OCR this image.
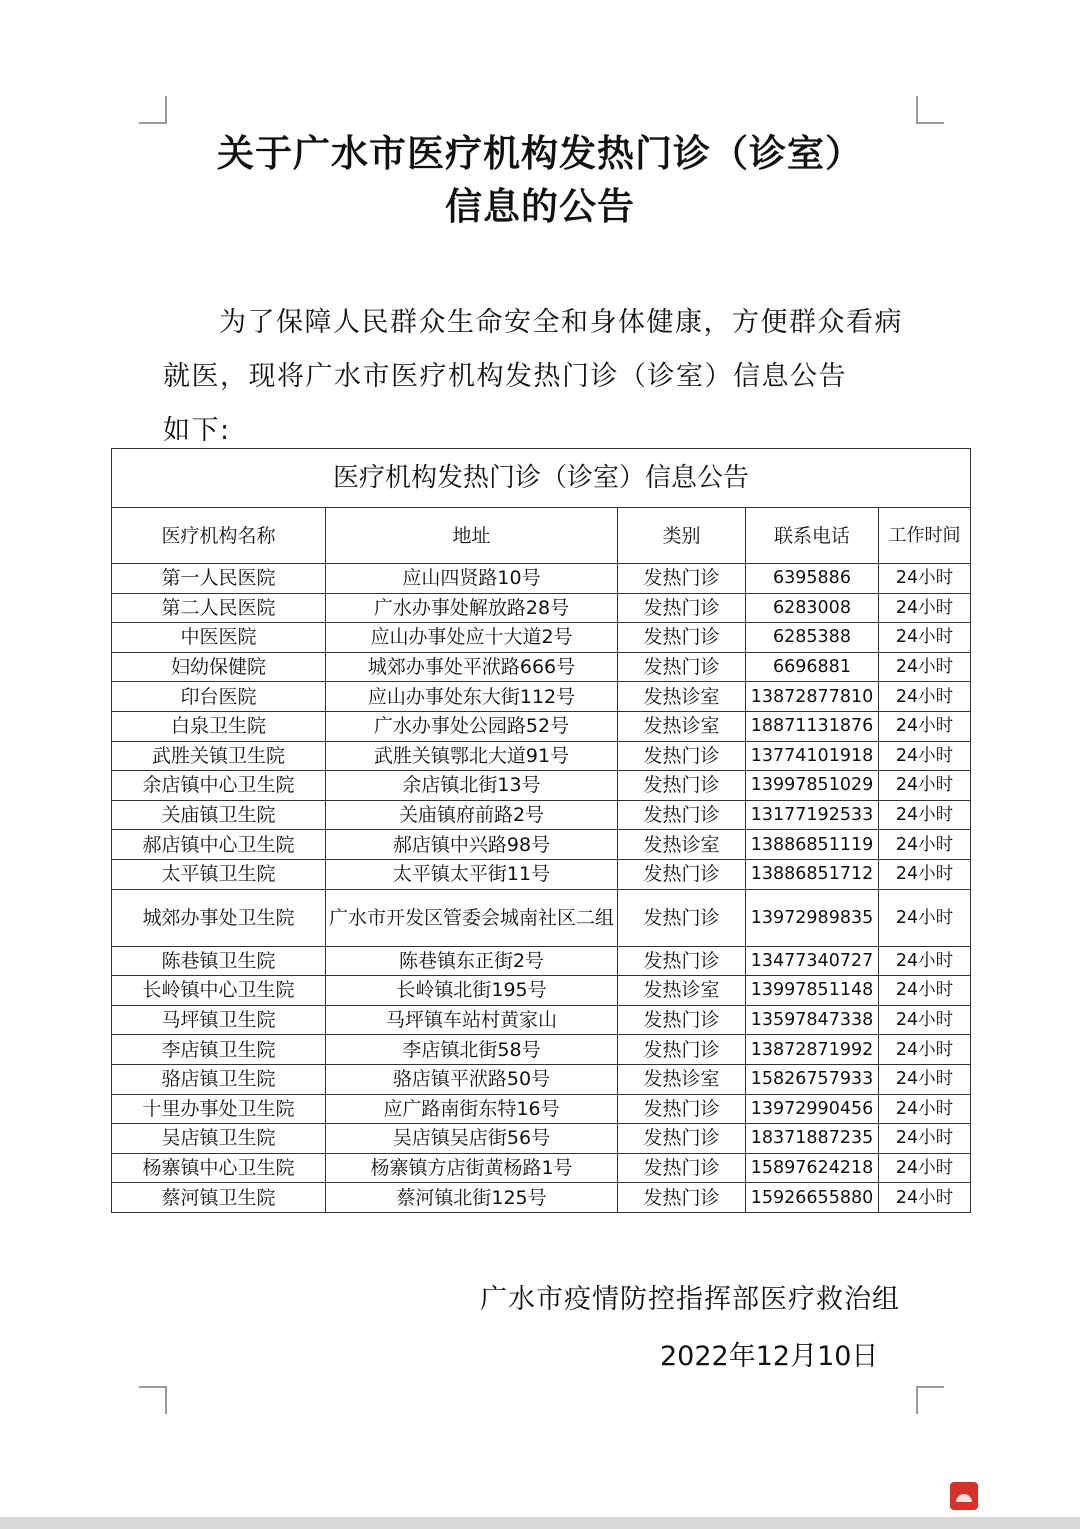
关于广水市医疗机构发热门诊（诊室）
信息的公告
为了保障人民群众生命安全和身体健康，方便群众看病就医，现将广水市医疗机构发热门诊（诊室）信息公告
如下:
医疗机构发热门诊（诊室）信息公告				
医疗机构名称	地址	类别	联系电话	工作时间
第一人民医院	应山四贤路10号	发热门诊	6395886	24小时
第二人民医院	广水办事处解放路28号	发热门诊	6283008	24小时
中医医院	应山办事处应十大道2号	发热门诊	6285388	24小时
妇幼保健院	城郊办事处平洑路666号	发热门诊	6696881	24小时
印台医院	应山办事处东大街112号	发热诊室	13872877810	24小时
白泉卫生院	广水办事处公园路52号	发热诊室	18871131876	24小时
武胜关镇卫生院	武胜关镇鄂北大道91号	发热门诊	13774101918	24小时
余店镇中心卫生院	余店镇北街13号	发热门诊	13997851029	24小时
关庙镇卫生院	关庙镇府前路2号	发热门诊	13177192533	24小时
郝店镇中心卫生院	郝店镇中兴路98号	发热诊室	13886851119	24小时
太平镇卫生院	太平镇太平街11号	发热门诊	13886851712	24小时
城郊办事处卫生院	广水市开发区管委会城南社区二组	发热门诊	13972989835	24小时
陈巷镇卫生院	陈巷镇东正街2号	发热门诊	13477340727	24小时
长岭镇中心卫生院	长岭镇北街195号	发热诊室	13997851148	24小时
马坪镇卫生院	马坪镇车站村黄家山	发热门诊	13597847338	24小时
李店镇卫生院	李店镇北街58号	发热门诊	13872871992	24小时
骆店镇卫生院	骆店镇平洑路50号	发热诊室	15826757933	24小时
十里办事处卫生院	应广路南街东特16号	发热门诊	13972990456	24小时
吴店镇卫生院	吴店镇吴店街56号	发热门诊	18371887235	24小时
杨寨镇中心卫生院	杨寨镇方店街黄杨路1号	发热门诊	15897624218	24小时
蔡河镇卫生院	蔡河镇北街125号	发热门诊	15926655880	24小时
广水市疫情防控指挥部医疗救治组
2022年12月10日
